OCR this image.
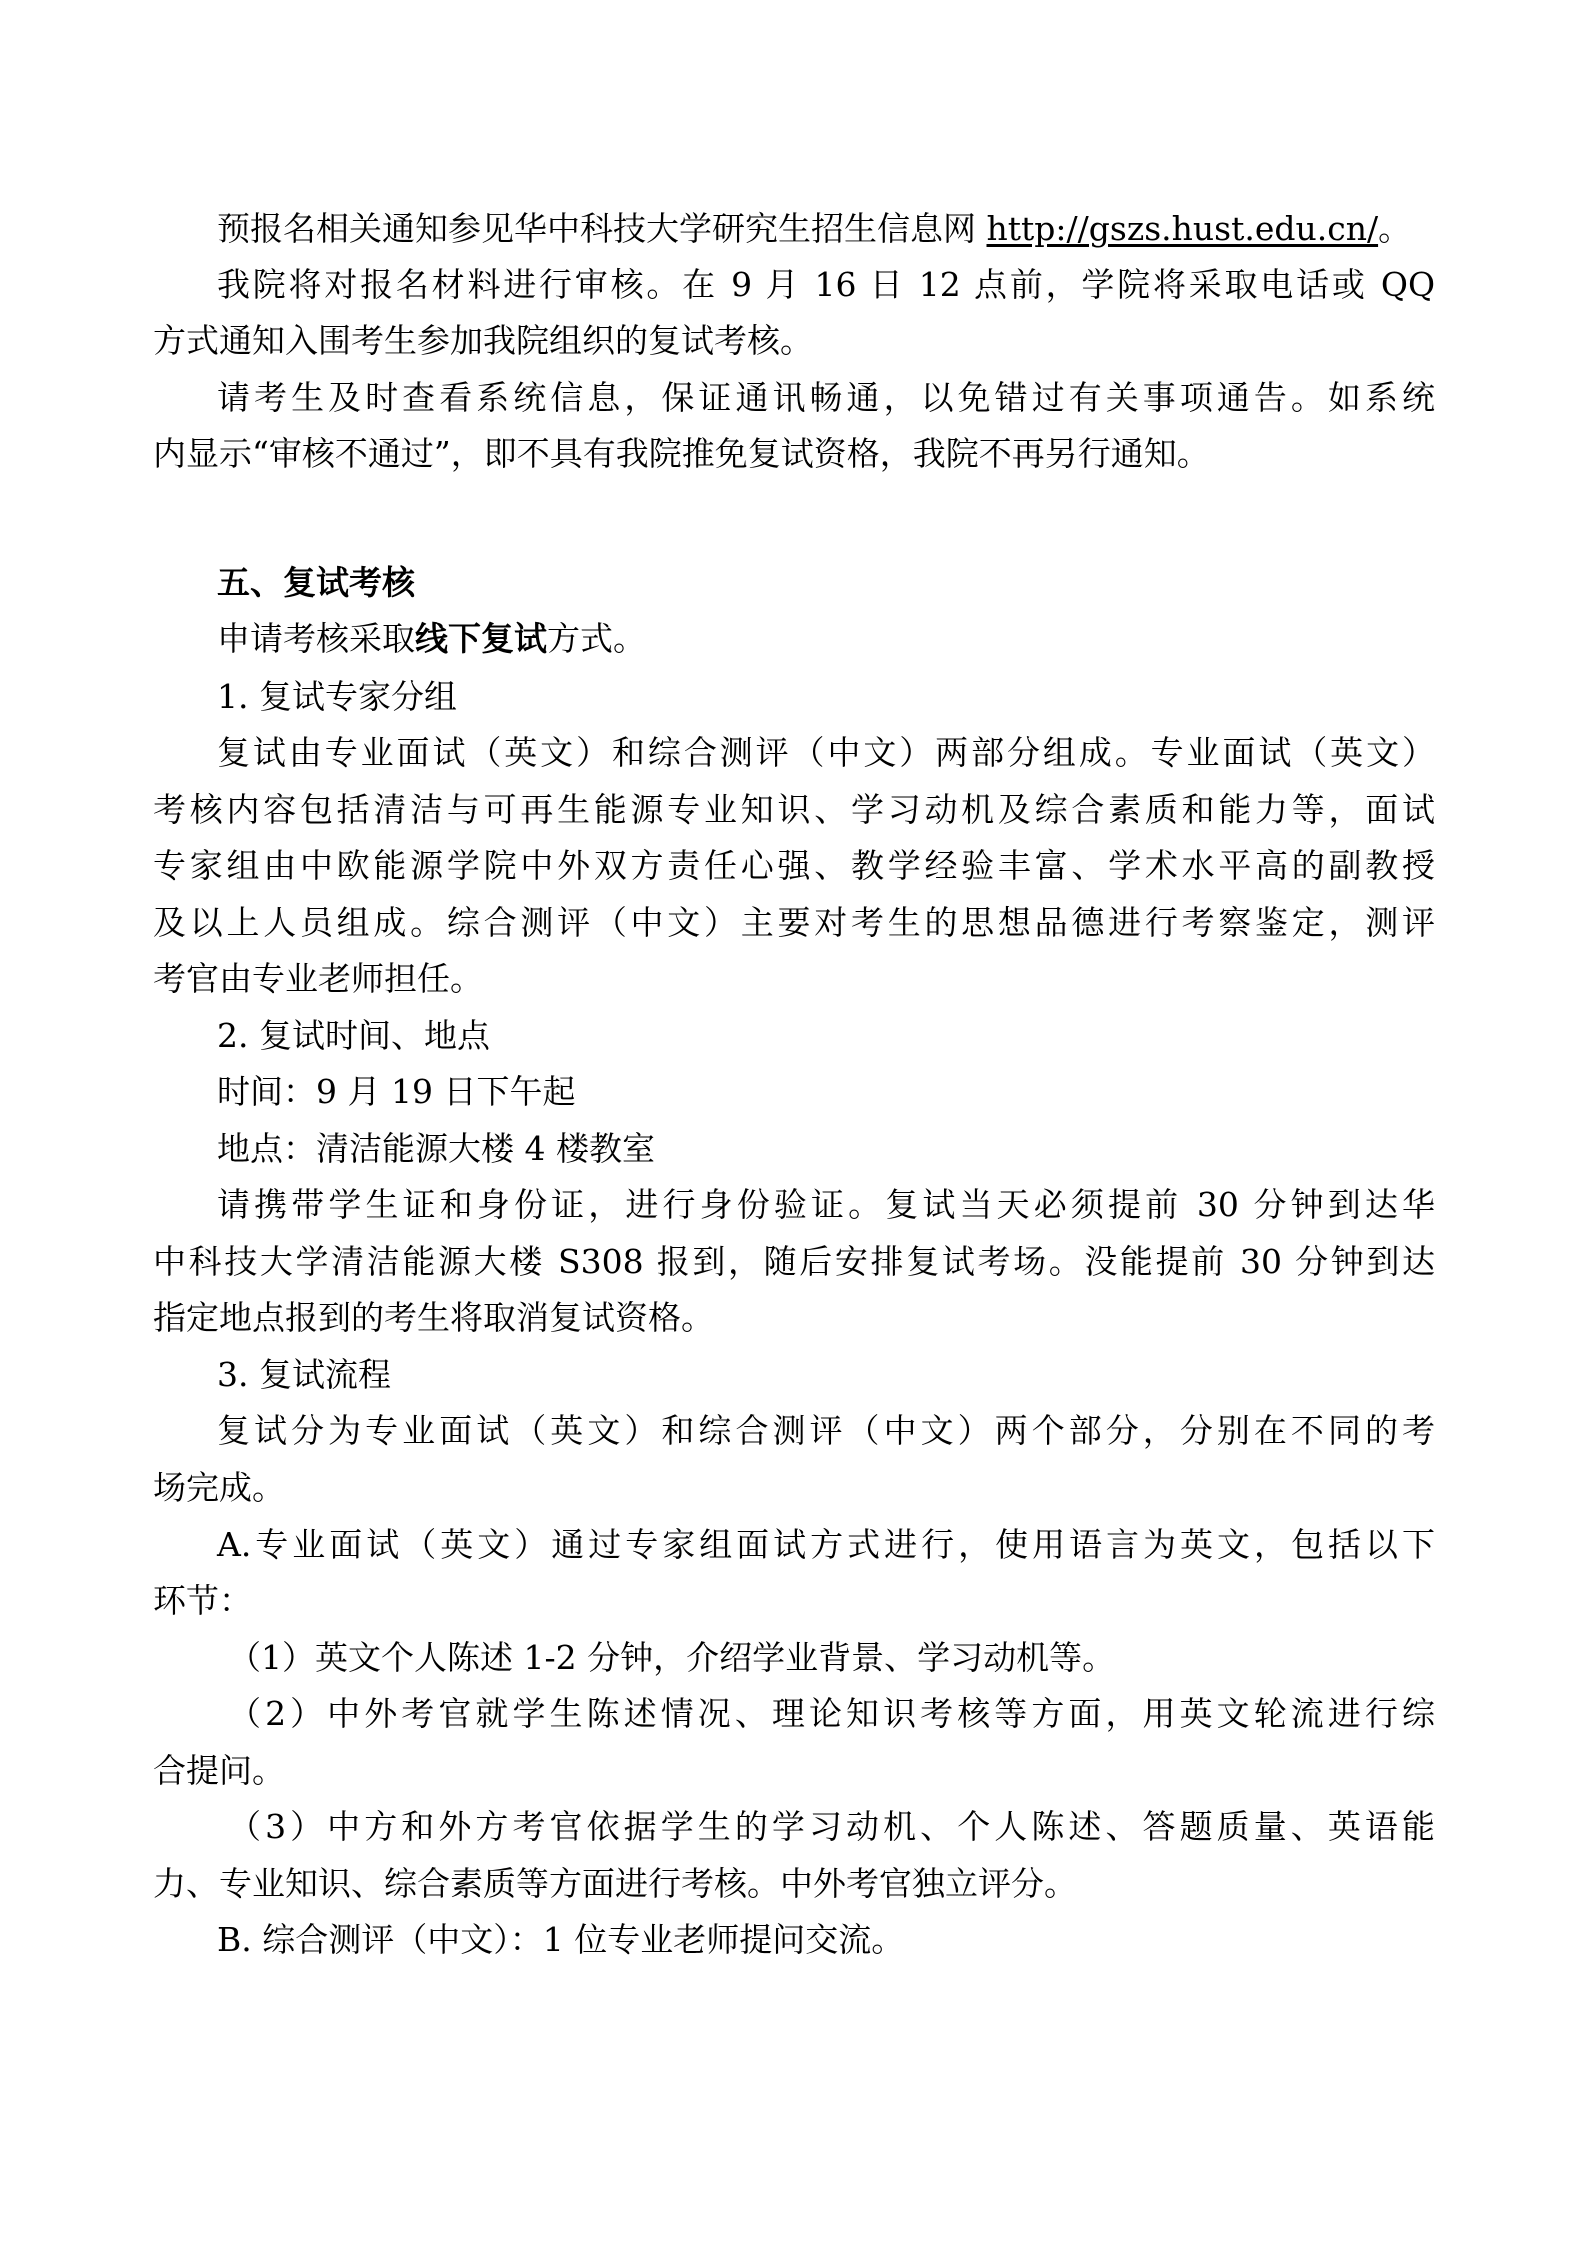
预报名相关通知参见华中科技大学研究生招生信息网 http://gszs.hust.edu.cn/。
我院将对报名材料进行审核。在 9 月 16 日 12 点前，学院将采取电话或 QQ
方式通知入围考生参加我院组织的复试考核。
请考生及时查看系统信息，保证通讯畅通，以免错过有关事项通告。如系统
内显示“审核不通过”，即不具有我院推免复试资格，我院不再另行通知。
五、复试考核
申请考核采取线下复试方式。
1. 复试专家分组
复试由专业面试（英文）和综合测评（中文）两部分组成。专业面试（英文）
考核内容包括清洁与可再生能源专业知识、学习动机及综合素质和能力等，面试
专家组由中欧能源学院中外双方责任心强、教学经验丰富、学术水平高的副教授
及以上人员组成。综合测评（中文）主要对考生的思想品德进行考察鉴定，测评
考官由专业老师担任。
2. 复试时间、地点
时间：9 月 19 日下午起
地点：清洁能源大楼 4 楼教室
请携带学生证和身份证，进行身份验证。复试当天必须提前 30 分钟到达华
中科技大学清洁能源大楼 S308 报到，随后安排复试考场。没能提前 30 分钟到达
指定地点报到的考生将取消复试资格。
3. 复试流程
复试分为专业面试（英文）和综合测评（中文）两个部分，分别在不同的考
场完成。
A.专业面试（英文）通过专家组面试方式进行，使用语言为英文，包括以下
环节：
（1）英文个人陈述 1-2 分钟，介绍学业背景、学习动机等。
（2）中外考官就学生陈述情况、理论知识考核等方面，用英文轮流进行综
合提问。
（3）中方和外方考官依据学生的学习动机、个人陈述、答题质量、英语能
力、专业知识、综合素质等方面进行考核。中外考官独立评分。
B. 综合测评（中文）：1 位专业老师提问交流。
